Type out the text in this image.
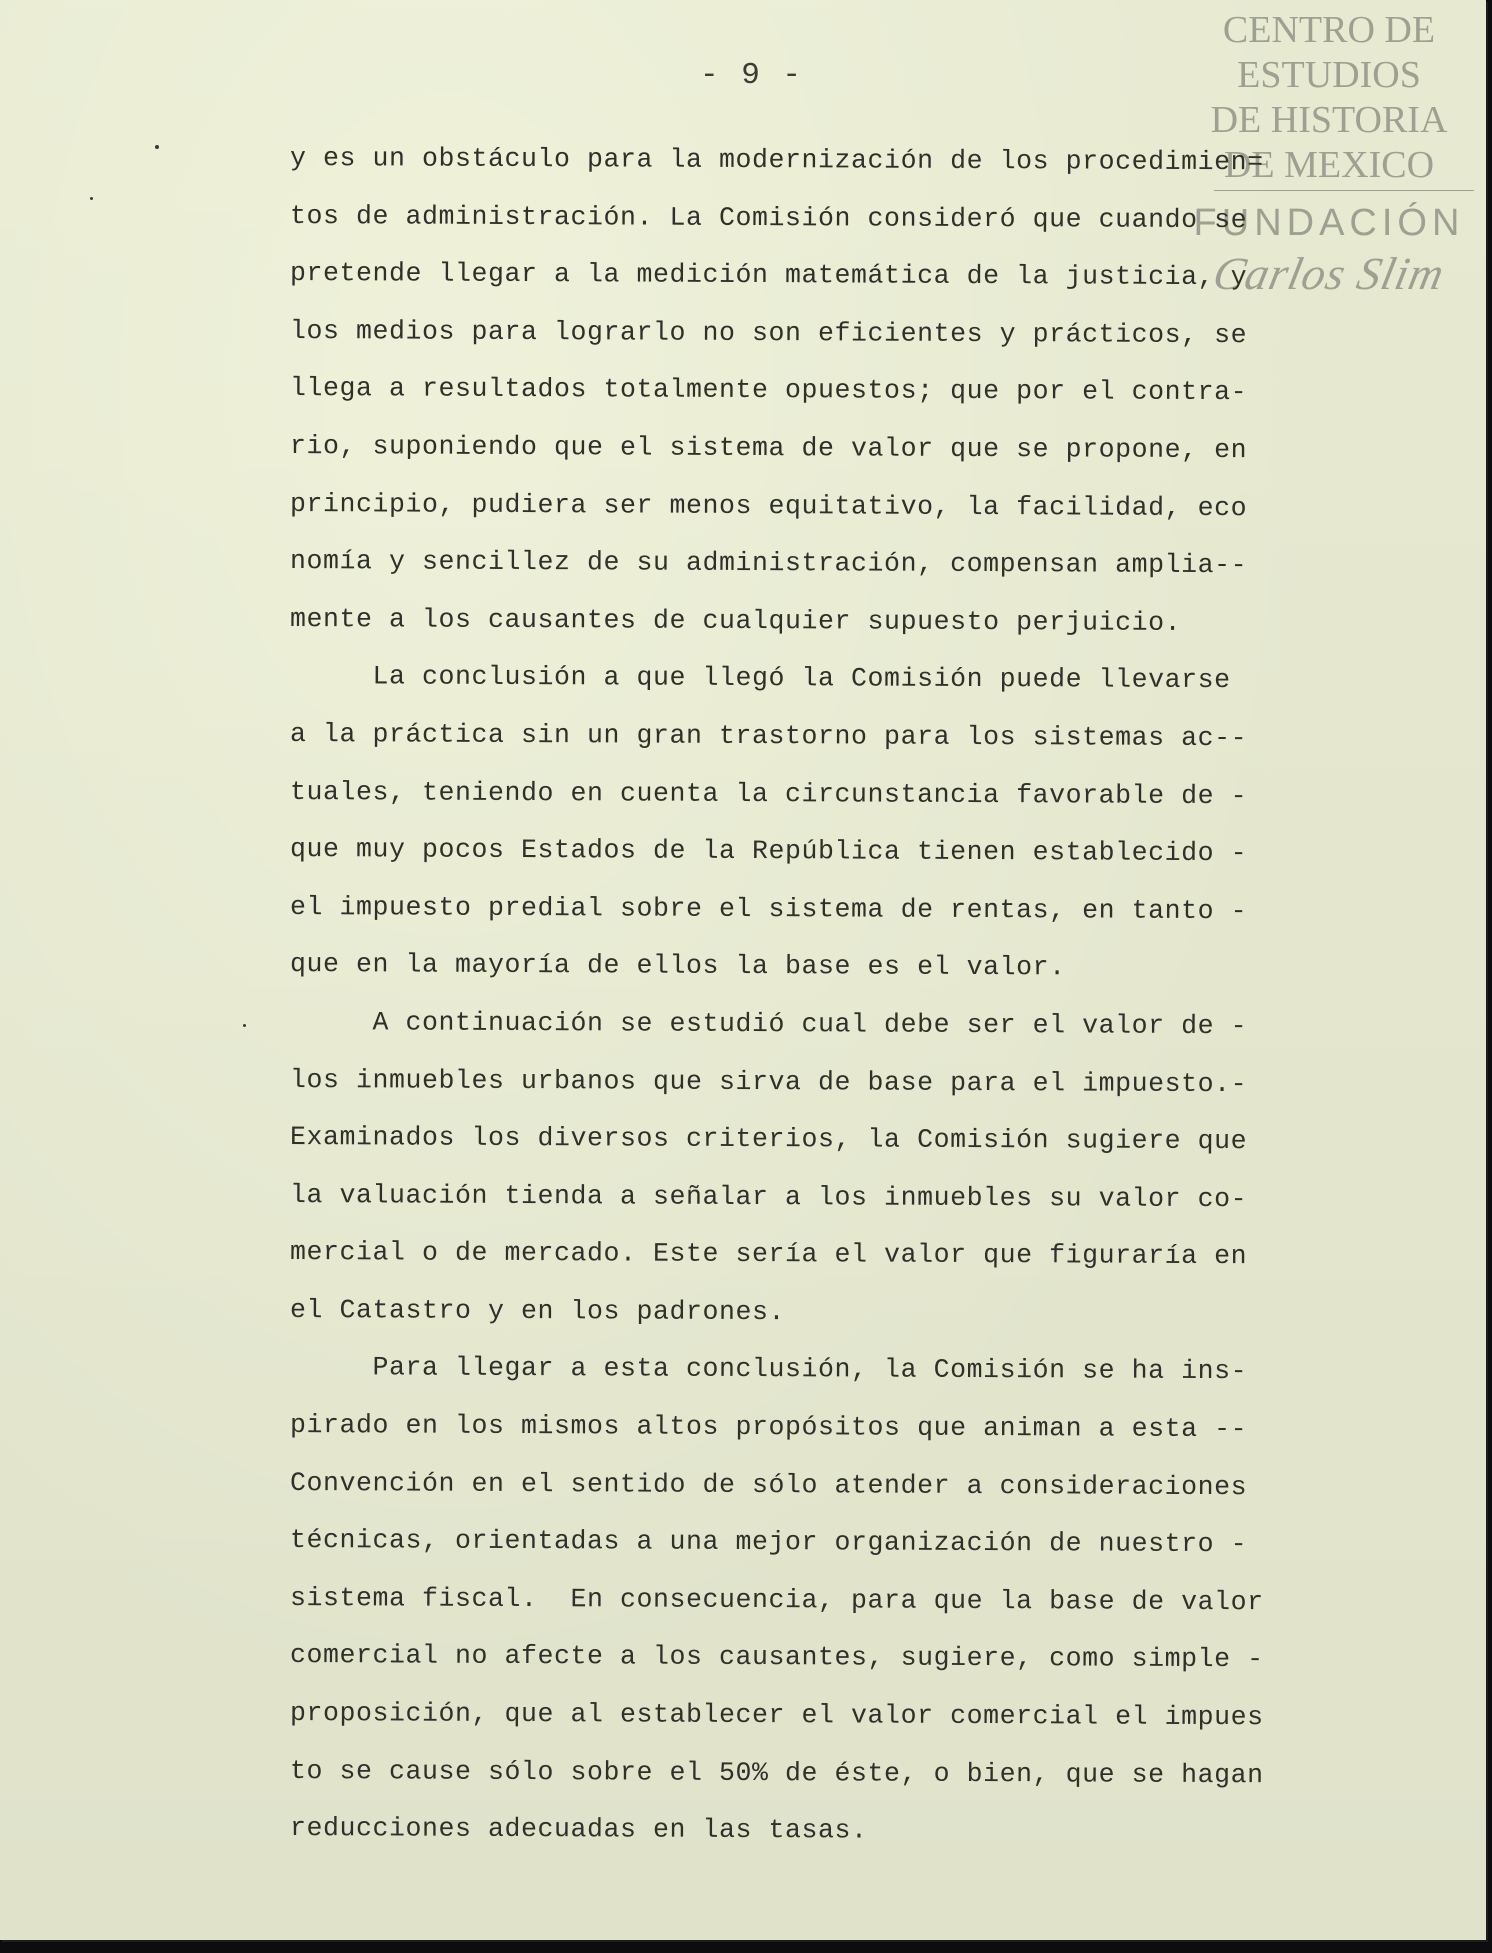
- 9 -
CENTRO DE
ESTUDIOS
DE HISTORIA
DE MEXICO
FUNDACIÓN
Carlos Slim
y es un obstáculo para la modernización de los procedimien=
tos de administración. La Comisión consideró que cuando se
pretende llegar a la medición matemática de la justicia, y
los medios para lograrlo no son eficientes y prácticos, se
llega a resultados totalmente opuestos; que por el contra-
rio, suponiendo que el sistema de valor que se propone, en
principio, pudiera ser menos equitativo, la facilidad, eco
nomía y sencillez de su administración, compensan amplia--
mente a los causantes de cualquier supuesto perjuicio.
La conclusión a que llegó la Comisión puede llevarse
a la práctica sin un gran trastorno para los sistemas ac--
tuales, teniendo en cuenta la circunstancia favorable de -
que muy pocos Estados de la República tienen establecido -
el impuesto predial sobre el sistema de rentas, en tanto -
que en la mayoría de ellos la base es el valor.
A continuación se estudió cual debe ser el valor de -
los inmuebles urbanos que sirva de base para el impuesto.-
Examinados los diversos criterios, la Comisión sugiere que
la valuación tienda a señalar a los inmuebles su valor co-
mercial o de mercado. Este sería el valor que figuraría en
el Catastro y en los padrones.
Para llegar a esta conclusión, la Comisión se ha ins-
pirado en los mismos altos propósitos que animan a esta --
Convención en el sentido de sólo atender a consideraciones
técnicas, orientadas a una mejor organización de nuestro -
sistema fiscal.  En consecuencia, para que la base de valor
comercial no afecte a los causantes, sugiere, como simple -
proposición, que al establecer el valor comercial el impues
to se cause sólo sobre el 50% de éste, o bien, que se hagan
reducciones adecuadas en las tasas.
